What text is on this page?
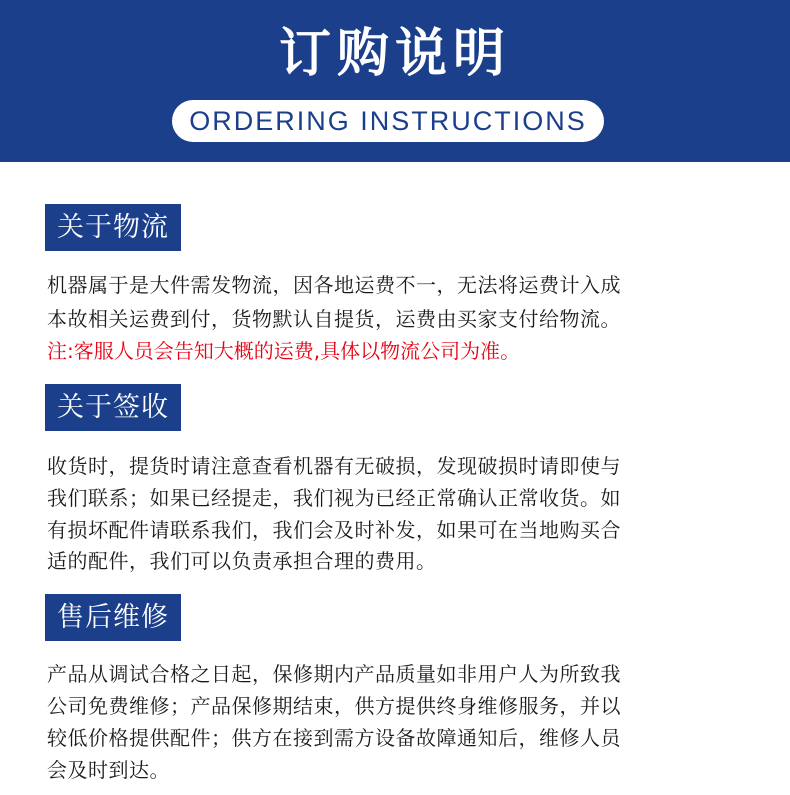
订购说明
ORDERING INSTRUCTIONS
关于物流
机器属于是大件需发物流，因各地运费不一，无法将运费计入成
本故相关运费到付，货物默认自提货，运费由买家支付给物流。
注:客服人员会告知大概的运费,具体以物流公司为准。
关于签收
收货时，提货时请注意查看机器有无破损，发现破损时请即使与
我们联系；如果已经提走，我们视为已经正常确认正常收货。如
有损坏配件请联系我们，我们会及时补发，如果可在当地购买合
适的配件，我们可以负责承担合理的费用。
售后维修
产品从调试合格之日起，保修期内产品质量如非用户人为所致我
公司免费维修；产品保修期结束，供方提供终身维修服务，并以
较低价格提供配件；供方在接到需方设备故障通知后，维修人员
会及时到达。
